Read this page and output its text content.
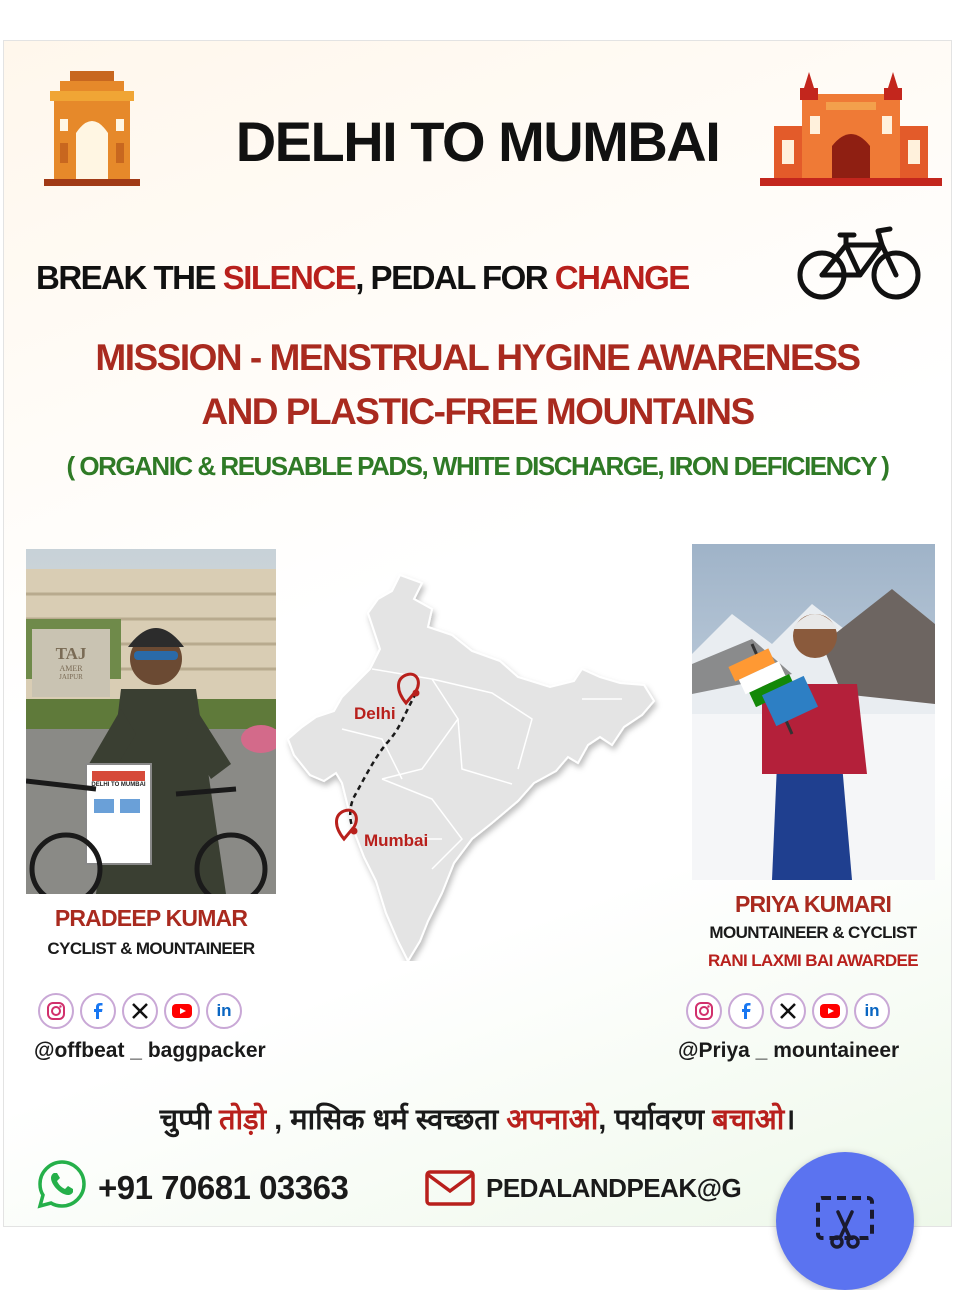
DELHI TO MUMBAI
BREAK THE SILENCE, PEDAL FOR CHANGE
MISSION - MENSTRUAL HYGINE AWARENESS
AND PLASTIC-FREE MOUNTAINS
( ORGANIC & REUSABLE PADS, WHITE DISCHARGE, IRON DEFICIENCY )
TAJ
AMER
JAIPUR
DELHI TO MUMBAI
Delhi
Mumbai
PRADEEP KUMAR
CYCLIST & MOUNTAINEER
in
@offbeat _ baggpacker
PRIYA KUMARI
MOUNTAINEER & CYCLIST
RANI LAXMI BAI AWARDEE
in
@Priya _ mountaineer
चुप्पी तोड़ो , मासिक धर्म स्वच्छता अपनाओ, पर्यावरण बचाओ।
+91 70681 03363	PEDALANDPEAK@G
